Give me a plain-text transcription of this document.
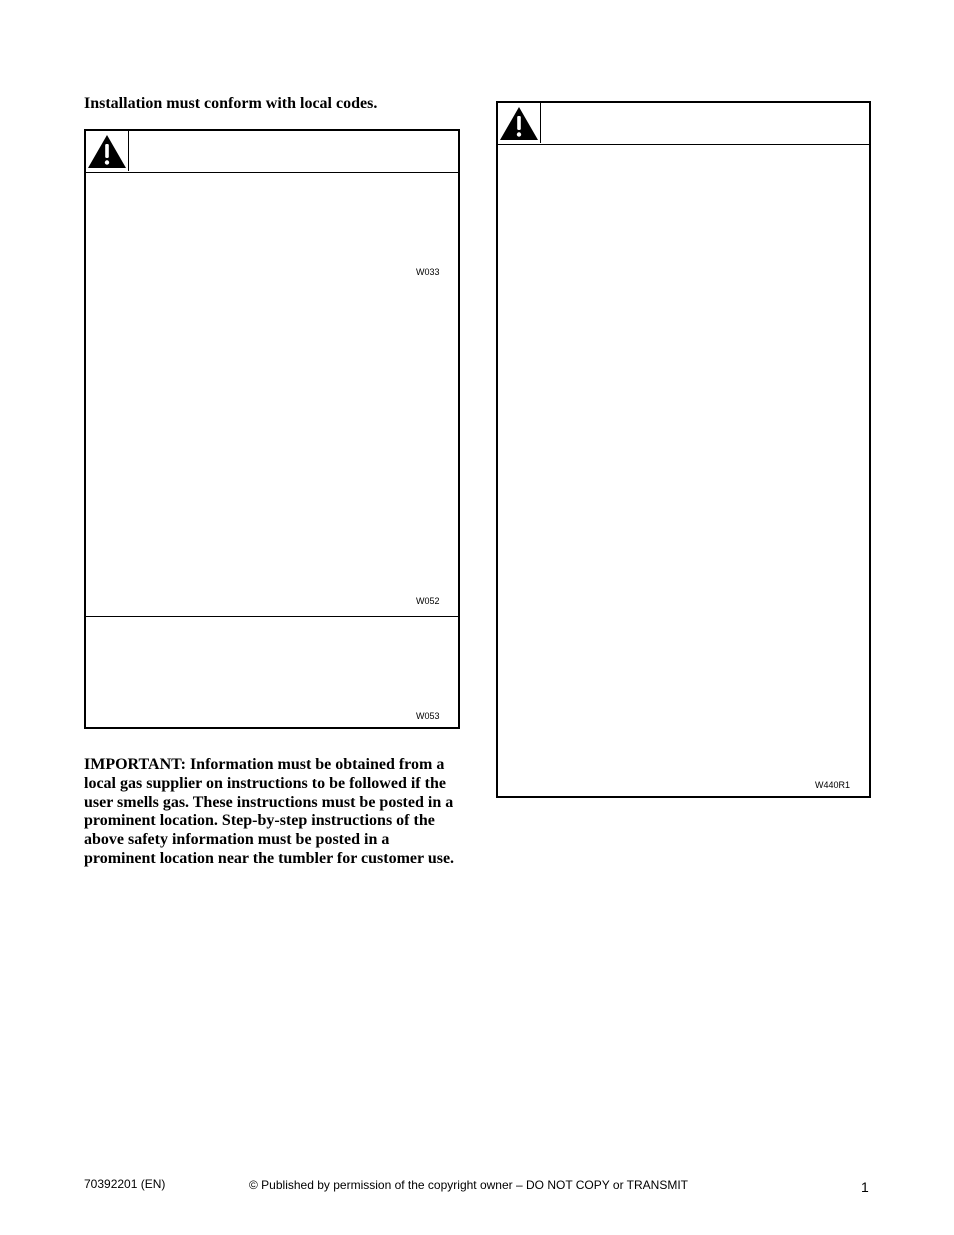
Installation must conform with local codes.
W033
W052
W053
W440R1
IMPORTANT: Information must be obtained from a local gas supplier on instructions to be followed if the user smells gas. These instructions must be posted in a prominent location. Step-by-step instructions of the above safety information must be posted in a prominent location near the tumbler for customer use.
70392201 (EN)	© Published by permission of the copyright owner – DO NOT COPY or TRANSMIT	1
